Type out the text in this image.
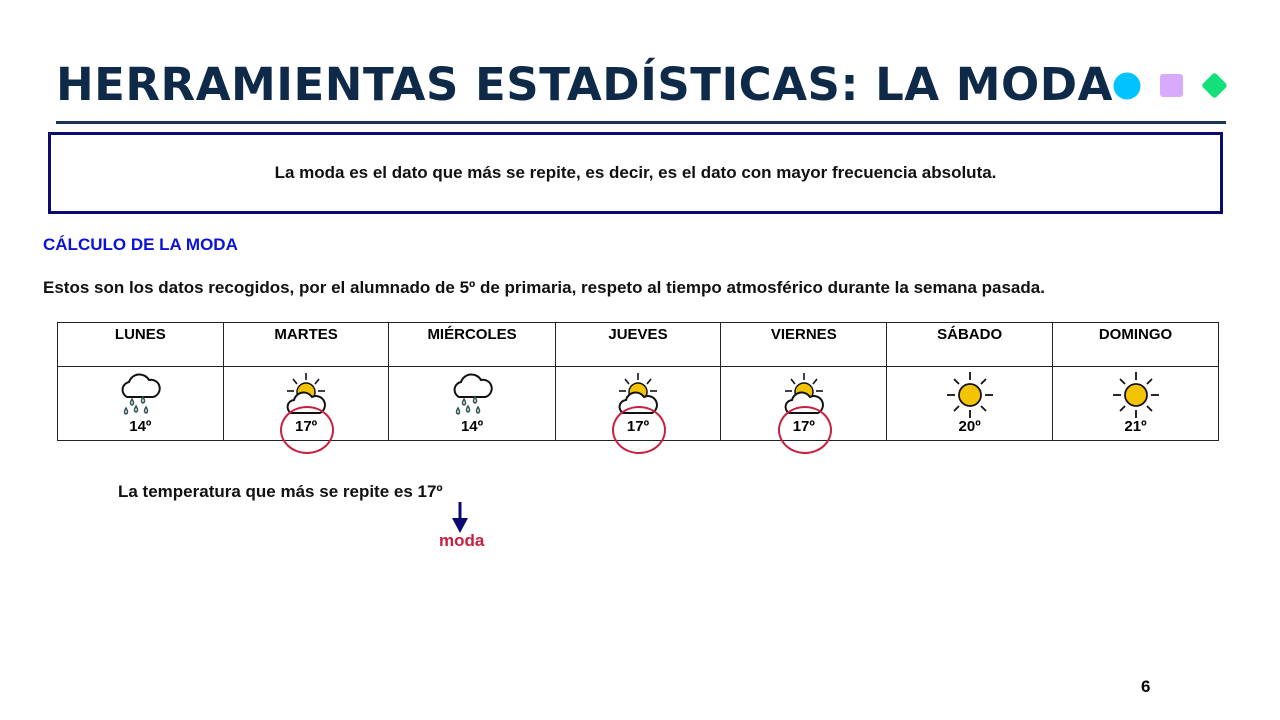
HERRAMIENTAS ESTADÍSTICAS: LA MODA
La moda es el dato que más se repite, es decir, es el dato con mayor frecuencia absoluta.
CÁLCULO DE LA MODA
Estos son los datos recogidos, por el alumnado de 5º de primaria, respeto al tiempo atmosférico durante la semana pasada.
LUNES	MARTES	MIÉRCOLES	JUEVES	VIERNES	SÁBADO	DOMINGO

14º	17º	14º	17º	17º	20º	21º
La temperatura que más se repite es 17º
moda
6
